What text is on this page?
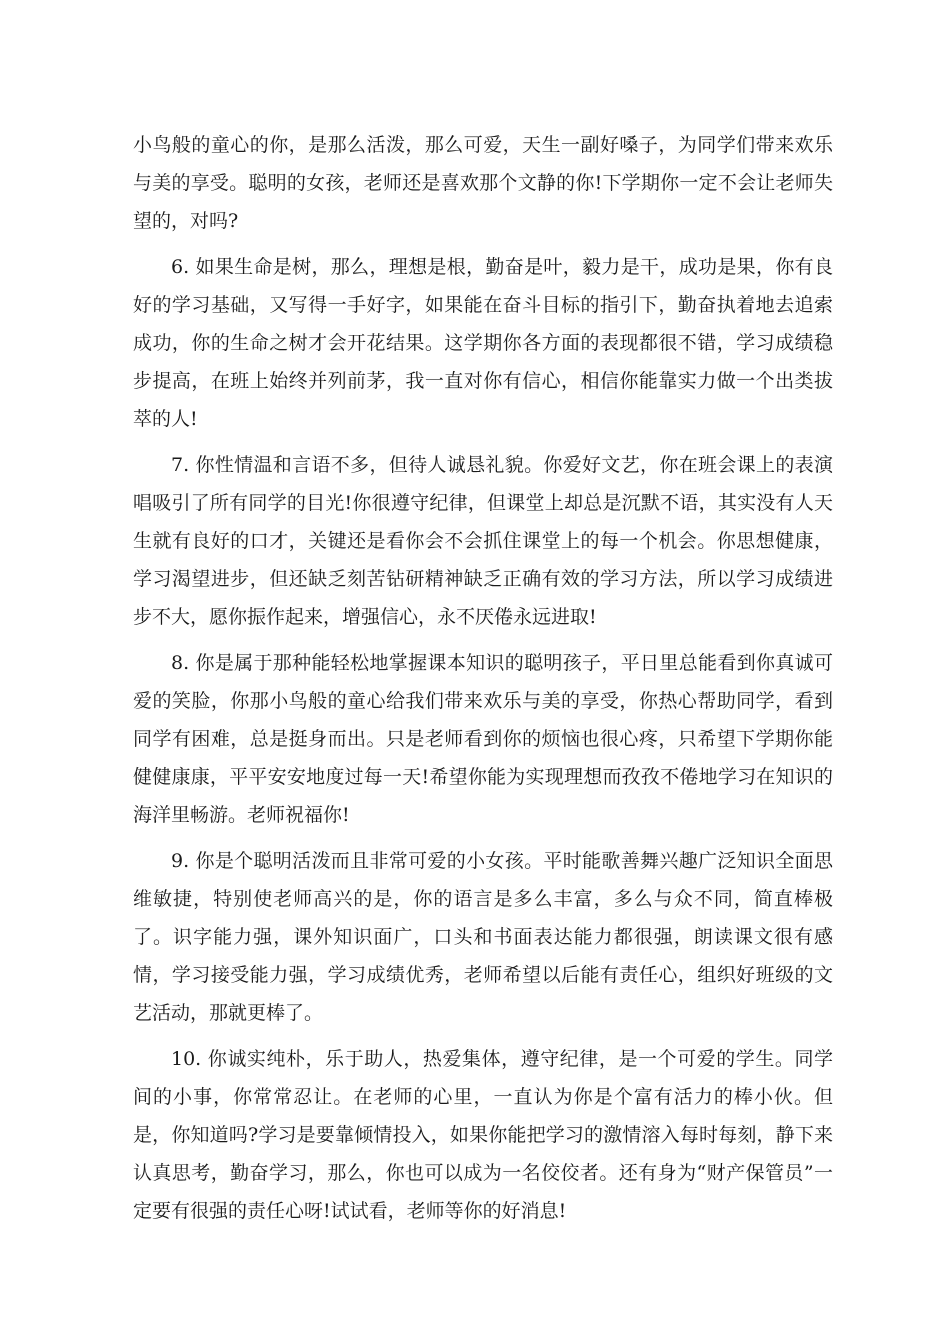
小鸟般的童心的你，是那么活泼，那么可爱，天生一副好嗓子，为同学们带来欢乐与美的享受。聪明的女孩，老师还是喜欢那个文静的你!下学期你一定不会让老师失望的，对吗?

6. 如果生命是树，那么，理想是根，勤奋是叶，毅力是干，成功是果，你有良好的学习基础，又写得一手好字，如果能在奋斗目标的指引下，勤奋执着地去追索成功，你的生命之树才会开花结果。这学期你各方面的表现都很不错，学习成绩稳步提高，在班上始终并列前茅，我一直对你有信心，相信你能靠实力做一个出类拔萃的人!

7. 你性情温和言语不多，但待人诚恳礼貌。你爱好文艺，你在班会课上的表演唱吸引了所有同学的目光!你很遵守纪律，但课堂上却总是沉默不语，其实没有人天生就有良好的口才，关键还是看你会不会抓住课堂上的每一个机会。你思想健康，学习渴望进步，但还缺乏刻苦钻研精神缺乏正确有效的学习方法，所以学习成绩进步不大，愿你振作起来，增强信心，永不厌倦永远进取!

8. 你是属于那种能轻松地掌握课本知识的聪明孩子，平日里总能看到你真诚可爱的笑脸，你那小鸟般的童心给我们带来欢乐与美的享受，你热心帮助同学，看到同学有困难，总是挺身而出。只是老师看到你的烦恼也很心疼，只希望下学期你能健健康康，平平安安地度过每一天!希望你能为实现理想而孜孜不倦地学习在知识的海洋里畅游。老师祝福你!

9. 你是个聪明活泼而且非常可爱的小女孩。平时能歌善舞兴趣广泛知识全面思维敏捷，特别使老师高兴的是，你的语言是多么丰富，多么与众不同，简直棒极了。识字能力强，课外知识面广，口头和书面表达能力都很强，朗读课文很有感情，学习接受能力强，学习成绩优秀，老师希望以后能有责任心，组织好班级的文艺活动，那就更棒了。

10. 你诚实纯朴，乐于助人，热爱集体，遵守纪律，是一个可爱的学生。同学间的小事，你常常忍让。在老师的心里，一直认为你是个富有活力的棒小伙。但是，你知道吗?学习是要靠倾情投入，如果你能把学习的激情溶入每时每刻，静下来认真思考，勤奋学习，那么，你也可以成为一名佼佼者。还有身为“财产保管员”一定要有很强的责任心呀!试试看，老师等你的好消息!
